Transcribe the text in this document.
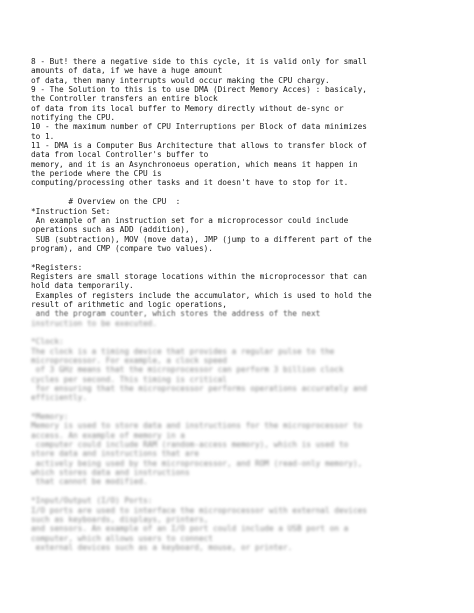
8 - But! there a negative side to this cycle, it is valid only for small
amounts of data, if we have a huge amount
of data, then many interrupts would occur making the CPU chargy.
9 - The Solution to this is to use DMA (Direct Memory Acces) : basicaly,
the Controller transfers an entire block
of data from its local buffer to Memory directly without de-sync or
notifying the CPU.
10 - the maximum number of CPU Interruptions per Block of data minimizes
to 1.
11 - DMA is a Computer Bus Architecture that allows to transfer block of
data from local Controller's buffer to
memory, and it is an Asynchronoeus operation, which means it happen in
the periode where the CPU is
computing/processing other tasks and it doesn't have to stop for it.
# Overview on the CPU  :
*Instruction Set:
An example of an instruction set for a microprocessor could include
operations such as ADD (addition),
SUB (subtraction), MOV (move data), JMP (jump to a different part of the
program), and CMP (compare two values).
*Registers:
Registers are small storage locations within the microprocessor that can
hold data temporarily.
Examples of registers include the accumulator, which is used to hold the
result of arithmetic and logic operations,
and the program counter, which stores the address of the next
instruction to be executed.
*Clock:
The clock is a timing device that provides a regular pulse to the
microprocessor. For example, a clock speed
of 3 GHz means that the microprocessor can perform 3 billion clock
cycles per second. This timing is critical
for ensuring that the microprocessor performs operations accurately and
efficiently.
*Memory:
Memory is used to store data and instructions for the microprocessor to
access. An example of memory in a
computer could include RAM (random-access memory), which is used to
store data and instructions that are
actively being used by the microprocessor, and ROM (read-only memory),
which stores data and instructions
that cannot be modified.
*Input/Output (I/O) Ports:
I/O ports are used to interface the microprocessor with external devices
such as keyboards, displays, printers,
and sensors. An example of an I/O port could include a USB port on a
computer, which allows users to connect
external devices such as a keyboard, mouse, or printer.
